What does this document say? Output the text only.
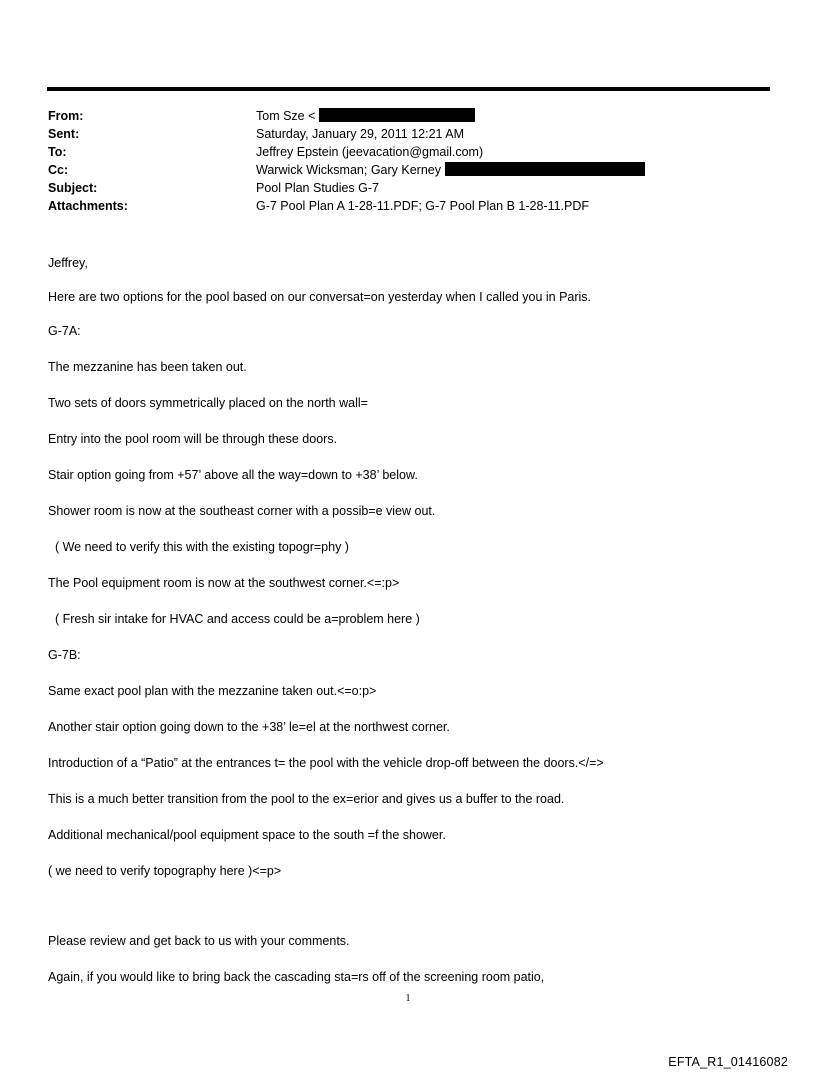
From:	Tom Sze <
Sent:	Saturday, January 29, 2011 12:21 AM
To:	Jeffrey Epstein (jeevacation@gmail.com)
Cc:	Warwick Wicksman; Gary Kerney
Subject:	Pool Plan Studies G-7
Attachments:	G-7 Pool Plan A 1-28-11.PDF; G-7 Pool Plan B 1-28-11.PDF
Jeffrey,
Here are two options for the pool based on our conversat=on yesterday when I called you in Paris.
G-7A:
The mezzanine has been taken out.
Two sets of doors symmetrically placed on the north wall=
Entry into the pool room will be through these doors.
Stair option going from +57’ above all the way=down to +38’ below.
Shower room is now at the southeast corner with a possib=e view out.
( We need to verify this with the existing topogr=phy )
The Pool equipment room is now at the southwest corner.<=:p>
( Fresh sir intake for HVAC and access could be a=problem here )
G-7B:
Same exact pool plan with the mezzanine taken out.<=o:p>
Another stair option going down to the +38’ le=el at the northwest corner.
Introduction of a “Patio” at the entrances t= the pool with the vehicle drop-off between the doors.</=>
This is a much better transition from the pool to the ex=erior and gives us a buffer to the road.
Additional mechanical/pool equipment space to the south =f the shower.
( we need to verify topography here )<=p>
Please review and get back to us with your comments.
Again, if you would like to bring back the cascading sta=rs off of the screening room patio,
1
EFTA_R1_01416082
